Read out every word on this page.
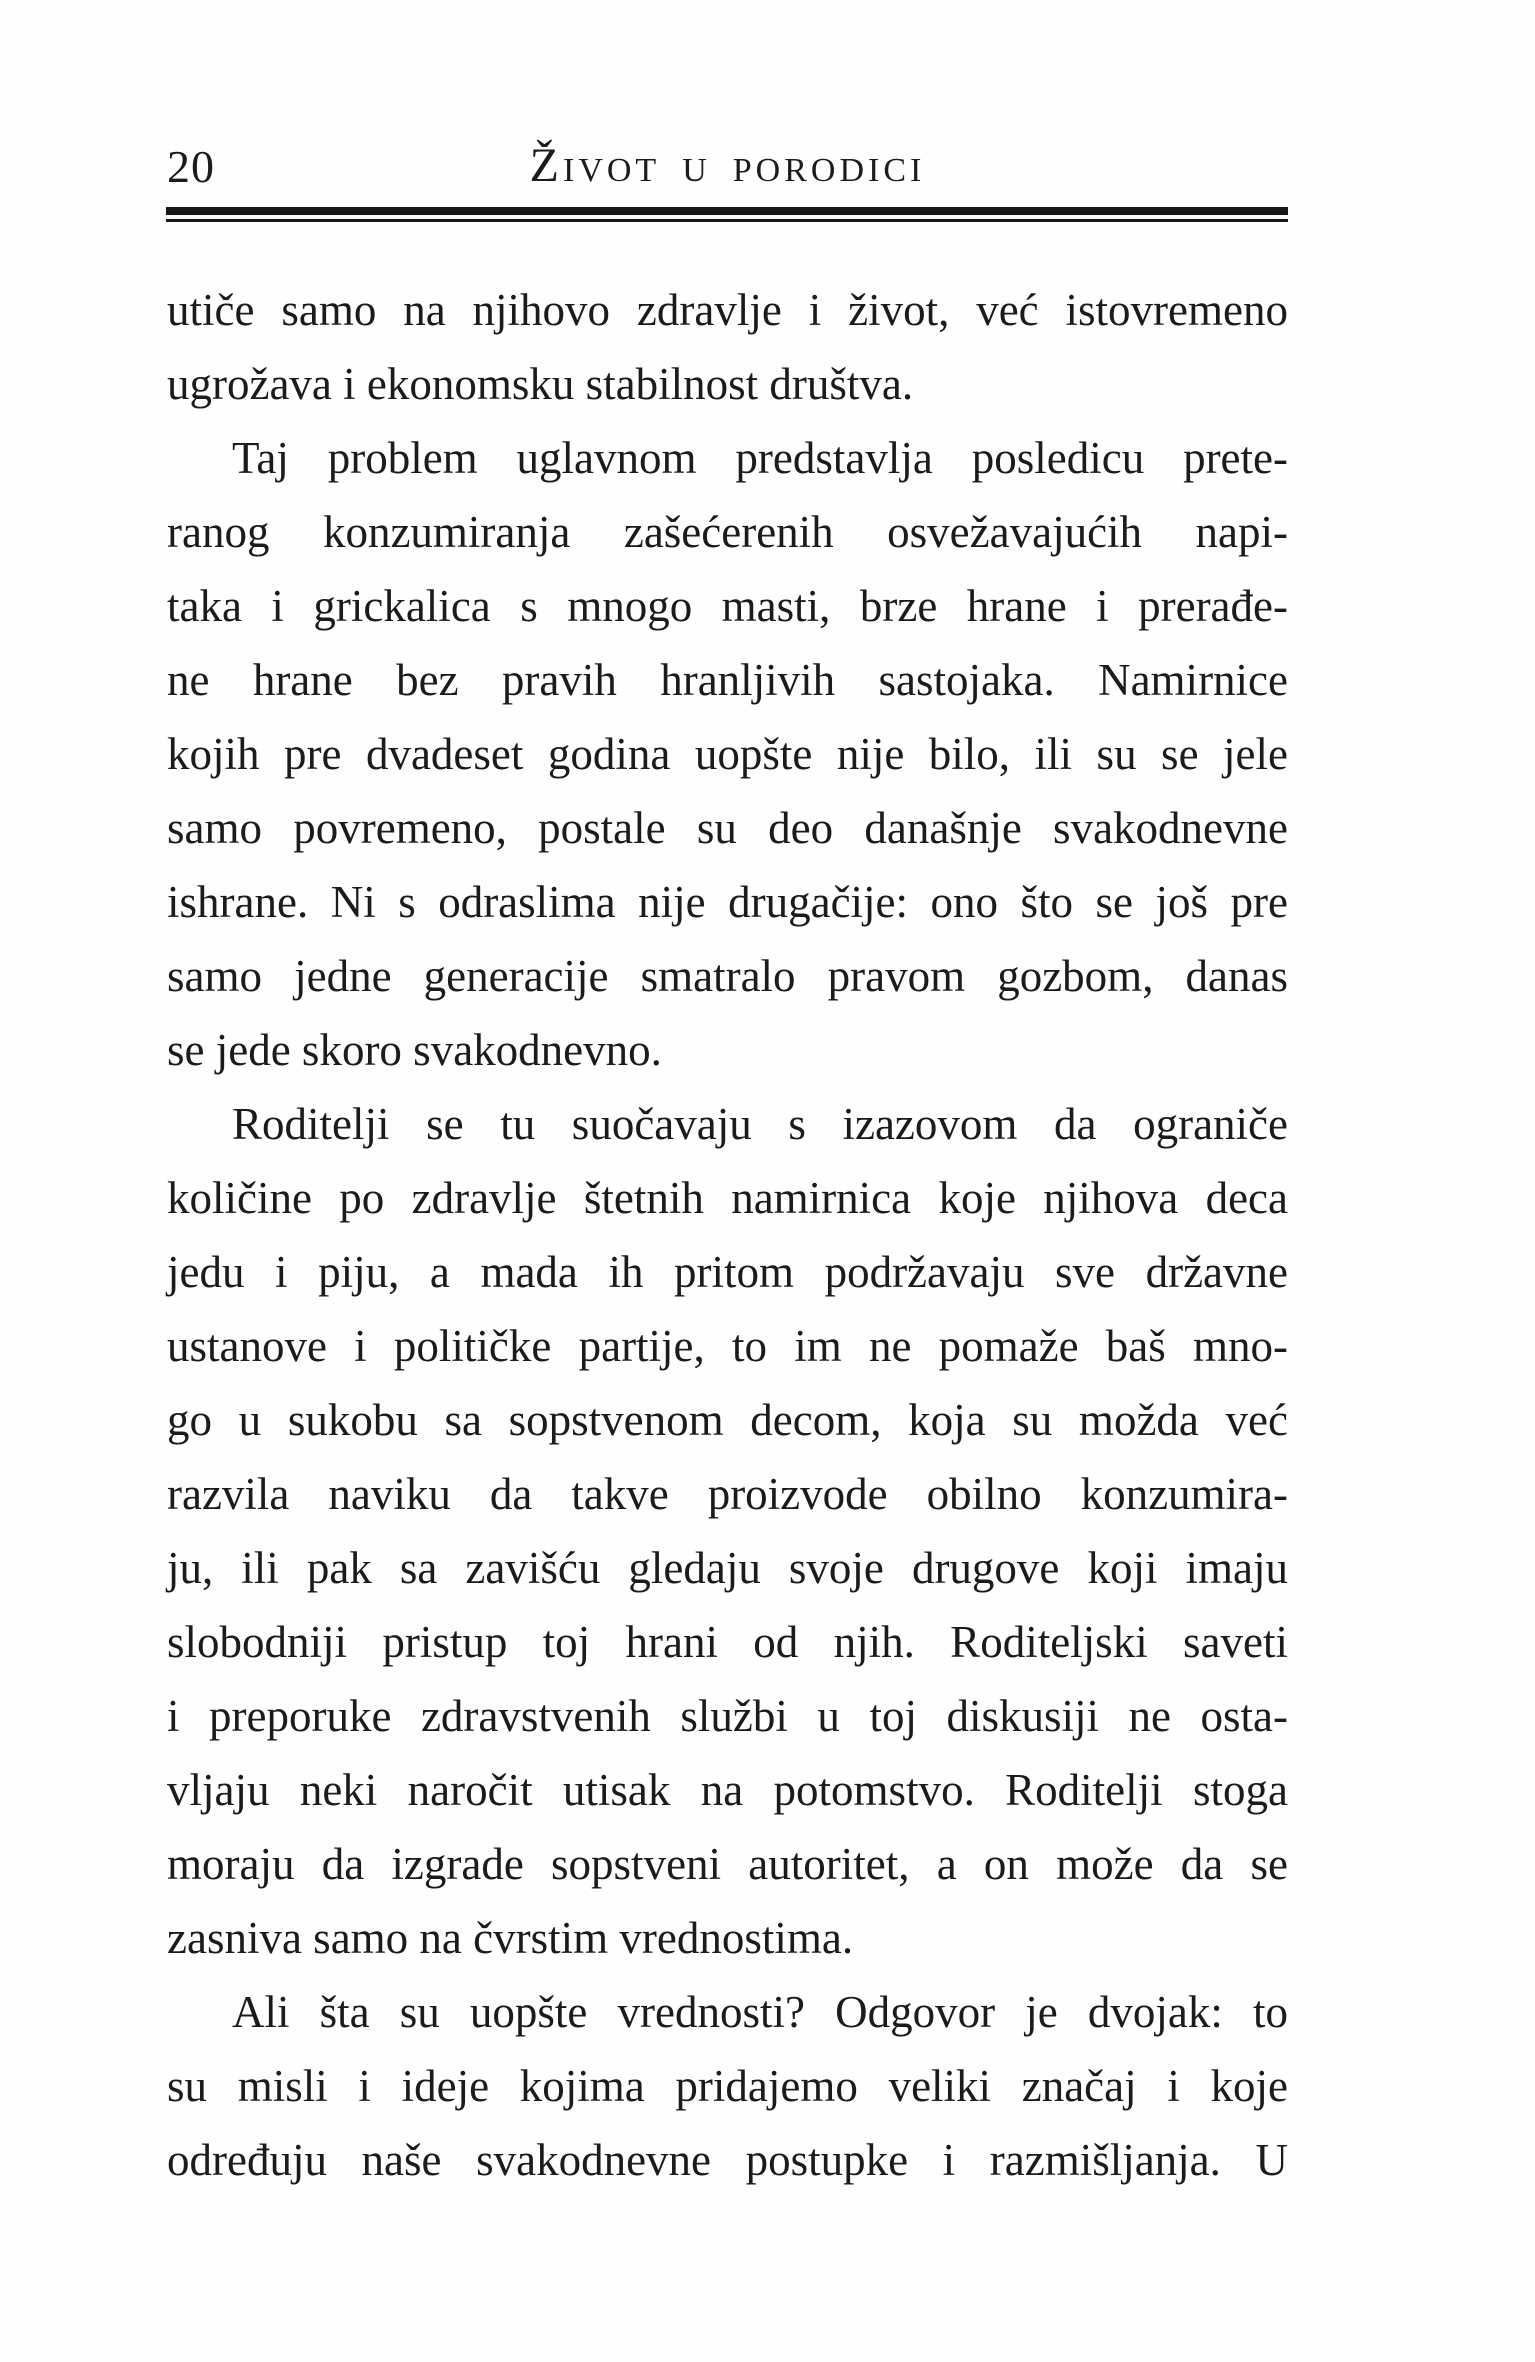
20	Život u porodici
utiče samo na njihovo zdravlje i život, već istovremeno
ugrožava i ekonomsku stabilnost društva.
Taj problem uglavnom predstavlja posledicu prete-
ranog konzumiranja zašećerenih osvežavajućih napi-
taka i grickalica s mnogo masti, brze hrane i prerađe-
ne hrane bez pravih hranljivih sastojaka. Namirnice
kojih pre dvadeset godina uopšte nije bilo, ili su se jele
samo povremeno, postale su deo današnje svakodnevne
ishrane. Ni s odraslima nije drugačije: ono što se još pre
samo jedne generacije smatralo pravom gozbom, danas
se jede skoro svakodnevno.
Roditelji se tu suočavaju s izazovom da ograniče
količine po zdravlje štetnih namirnica koje njihova deca
jedu i piju, a mada ih pritom podržavaju sve državne
ustanove i političke partije, to im ne pomaže baš mno-
go u sukobu sa sopstvenom decom, koja su možda već
razvila naviku da takve proizvode obilno konzumira-
ju, ili pak sa zavišću gledaju svoje drugove koji imaju
slobodniji pristup toj hrani od njih. Roditeljski saveti
i preporuke zdravstvenih službi u toj diskusiji ne osta-
vljaju neki naročit utisak na potomstvo. Roditelji stoga
moraju da izgrade sopstveni autoritet, a on može da se
zasniva samo na čvrstim vrednostima.
Ali šta su uopšte vrednosti? Odgovor je dvojak: to
su misli i ideje kojima pridajemo veliki značaj i koje
određuju naše svakodnevne postupke i razmišljanja. U
